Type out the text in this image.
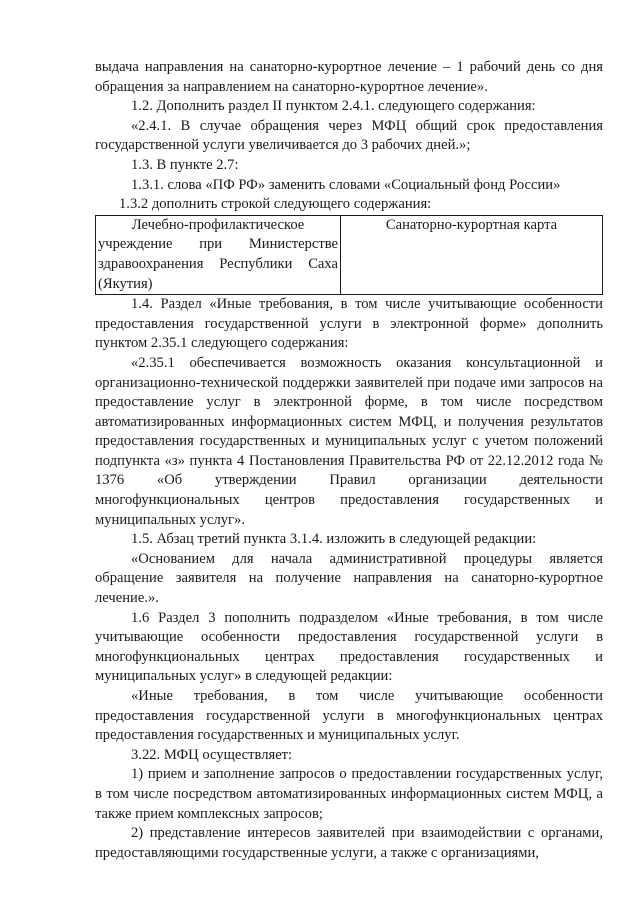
выдача направления на санаторно-курортное лечение – 1 рабочий день со дня обращения за направлением на санаторно-курортное лечение».

1.2. Дополнить раздел II пунктом 2.4.1. следующего содержания:

«2.4.1. В случае обращения через МФЦ общий срок предоставления государственной услуги увеличивается до 3 рабочих дней.»;

1.3. В пункте 2.7:

1.3.1. слова «ПФ РФ» заменить словами «Социальный фонд России»

1.3.2 дополнить строкой следующего содержания:

Лечебно-профилактическое
учреждение при Министерстве здравоохранения Республики Саха (Якутия)	Санаторно-курортная карта

1.4. Раздел «Иные требования, в том числе учитывающие особенности предоставления государственной услуги в электронной форме» дополнить пунктом 2.35.1 следующего содержания:

«2.35.1 обеспечивается возможность оказания консультационной и организационно-технической поддержки заявителей при подаче ими запросов на предоставление услуг в электронной форме, в том числе посредством автоматизированных информационных систем МФЦ, и получения результатов предоставления государственных и муниципальных услуг с учетом положений подпункта «з» пункта 4 Постановления Правительства РФ от 22.12.2012 года № 1376 «Об утверждении Правил организации деятельности многофункциональных центров предоставления государственных и муниципальных услуг».

1.5. Абзац третий пункта 3.1.4. изложить в следующей редакции:

«Основанием для начала административной процедуры является обращение заявителя на получение направления на санаторно-курортное лечение.».

1.6 Раздел 3 пополнить подразделом «Иные требования, в том числе учитывающие особенности предоставления государственной услуги в многофункциональных центрах предоставления государственных и муниципальных услуг» в следующей редакции:

«Иные требования, в том числе учитывающие особенности предоставления государственной услуги в многофункциональных центрах предоставления государственных и муниципальных услуг.

3.22. МФЦ осуществляет:

1) прием и заполнение запросов о предоставлении государственных услуг, в том числе посредством автоматизированных информационных систем МФЦ, а также прием комплексных запросов;

2) представление интересов заявителей при взаимодействии с органами, предоставляющими государственные услуги, а также с организациями,
